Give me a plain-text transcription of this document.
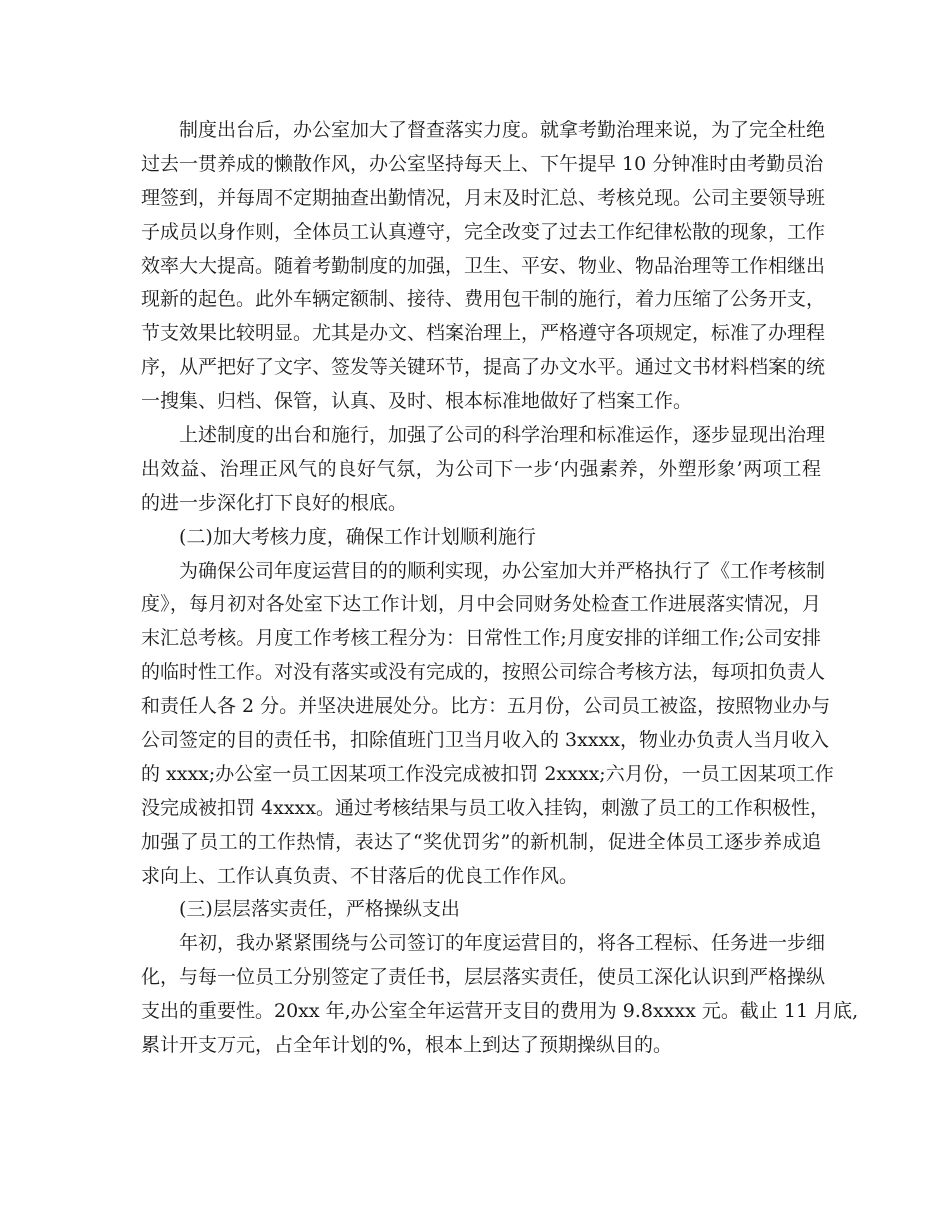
制度出台后，办公室加大了督查落实力度。就拿考勤治理来说，为了完全杜绝
过去一贯养成的懒散作风，办公室坚持每天上、下午提早 10 分钟准时由考勤员治
理签到，并每周不定期抽查出勤情况，月末及时汇总、考核兑现。公司主要领导班
子成员以身作则，全体员工认真遵守，完全改变了过去工作纪律松散的现象，工作
效率大大提高。随着考勤制度的加强，卫生、平安、物业、物品治理等工作相继出
现新的起色。此外车辆定额制、接待、费用包干制的施行，着力压缩了公务开支，
节支效果比较明显。尤其是办文、档案治理上，严格遵守各项规定，标准了办理程
序，从严把好了文字、签发等关键环节，提高了办文水平。通过文书材料档案的统
一搜集、归档、保管，认真、及时、根本标准地做好了档案工作。
上述制度的出台和施行，加强了公司的科学治理和标准运作，逐步显现出治理
出效益、治理正风气的良好气氛，为公司下一步‘内强素养，外塑形象’两项工程
的进一步深化打下良好的根底。
(二)加大考核力度，确保工作计划顺利施行
为确保公司年度运营目的的顺利实现，办公室加大并严格执行了《工作考核制
度》，每月初对各处室下达工作计划，月中会同财务处检查工作进展落实情况，月
末汇总考核。月度工作考核工程分为：日常性工作;月度安排的详细工作;公司安排
的临时性工作。对没有落实或没有完成的，按照公司综合考核方法，每项扣负责人
和责任人各 2 分。并坚决进展处分。比方：五月份，公司员工被盗，按照物业办与
公司签定的目的责任书，扣除值班门卫当月收入的 3xxxx，物业办负责人当月收入
的 xxxx;办公室一员工因某项工作没完成被扣罚 2xxxx;六月份，一员工因某项工作
没完成被扣罚 4xxxx。通过考核结果与员工收入挂钩，刺激了员工的工作积极性，
加强了员工的工作热情，表达了“奖优罚劣”的新机制，促进全体员工逐步养成追
求向上、工作认真负责、不甘落后的优良工作作风。
(三)层层落实责任，严格操纵支出
年初，我办紧紧围绕与公司签订的年度运营目的，将各工程标、任务进一步细
化，与每一位员工分别签定了责任书，层层落实责任，使员工深化认识到严格操纵
支出的重要性。20xx 年,办公室全年运营开支目的费用为 9.8xxxx 元。截止 11 月底,
累计开支万元，占全年计划的%，根本上到达了预期操纵目的。
